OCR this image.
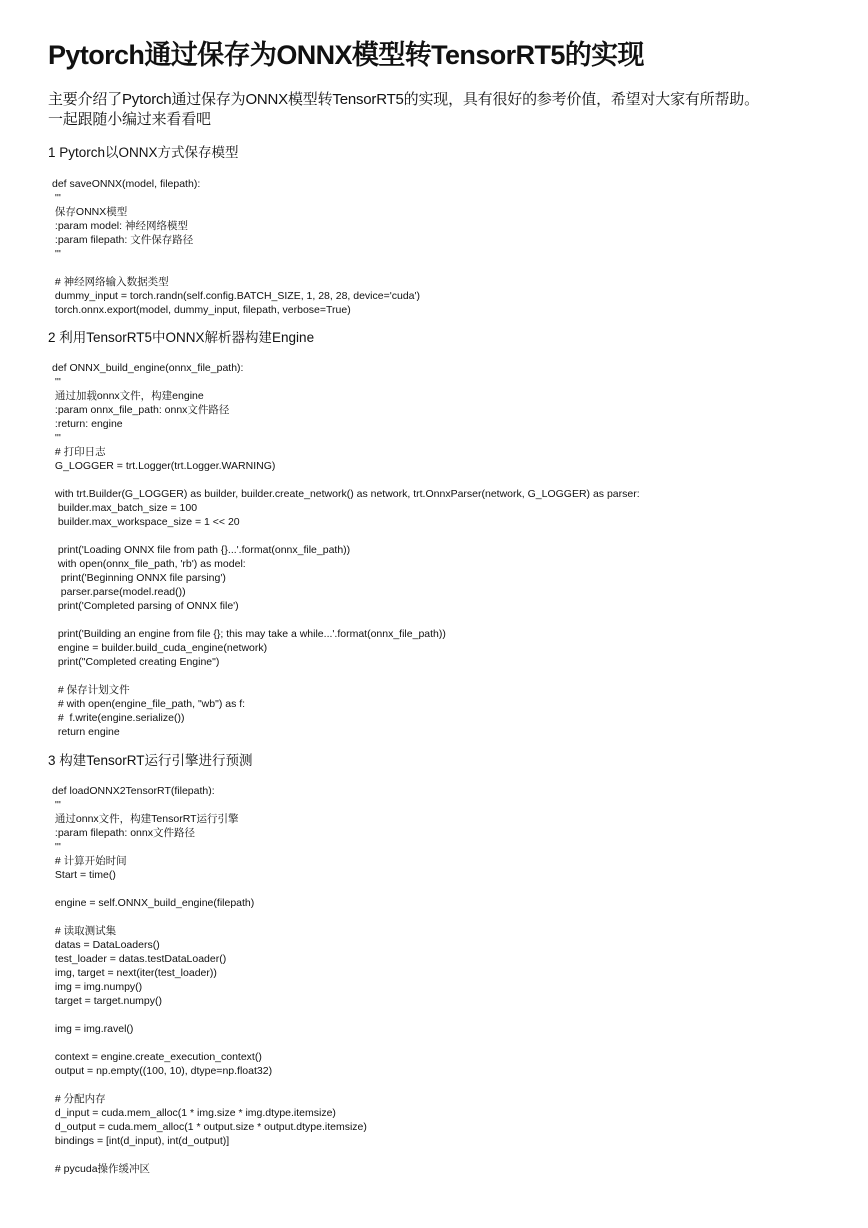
Pytorch通过保存为ONNX模型转TensorRT5的实现

主要介绍了Pytorch通过保存为ONNX模型转TensorRT5的实现，具有很好的参考价值，希望对大家有所帮助。
一起跟随小编过来看看吧

1 Pytorch以ONNX方式保存模型
def saveONNX(model, filepath):
'''
保存ONNX模型
:param model: 神经网络模型
:param filepath: 文件保存路径
'''
# 神经网络输入数据类型
dummy_input = torch.randn(self.config.BATCH_SIZE, 1, 28, 28, device='cuda')
torch.onnx.export(model, dummy_input, filepath, verbose=True)
2 利用TensorRT5中ONNX解析器构建Engine
def ONNX_build_engine(onnx_file_path):
'''
通过加载onnx文件，构建engine
:param onnx_file_path: onnx文件路径
:return: engine
'''
# 打印日志
G_LOGGER = trt.Logger(trt.Logger.WARNING)
with trt.Builder(G_LOGGER) as builder, builder.create_network() as network, trt.OnnxParser(network, G_LOGGER) as parser:
builder.max_batch_size = 100
builder.max_workspace_size = 1 << 20
print('Loading ONNX file from path {}...'.format(onnx_file_path))
with open(onnx_file_path, 'rb') as model:
print('Beginning ONNX file parsing')
parser.parse(model.read())
print('Completed parsing of ONNX file')
print('Building an engine from file {}; this may take a while...'.format(onnx_file_path))
engine = builder.build_cuda_engine(network)
print("Completed creating Engine")
# 保存计划文件
# with open(engine_file_path, "wb") as f:
#  f.write(engine.serialize())
return engine
3 构建TensorRT运行引擎进行预测
def loadONNX2TensorRT(filepath):
'''
通过onnx文件，构建TensorRT运行引擎
:param filepath: onnx文件路径
'''
# 计算开始时间
Start = time()
engine = self.ONNX_build_engine(filepath)
# 读取测试集
datas = DataLoaders()
test_loader = datas.testDataLoader()
img, target = next(iter(test_loader))
img = img.numpy()
target = target.numpy()
img = img.ravel()
context = engine.create_execution_context()
output = np.empty((100, 10), dtype=np.float32)
# 分配内存
d_input = cuda.mem_alloc(1 * img.size * img.dtype.itemsize)
d_output = cuda.mem_alloc(1 * output.size * output.dtype.itemsize)
bindings = [int(d_input), int(d_output)]
# pycuda操作缓冲区
